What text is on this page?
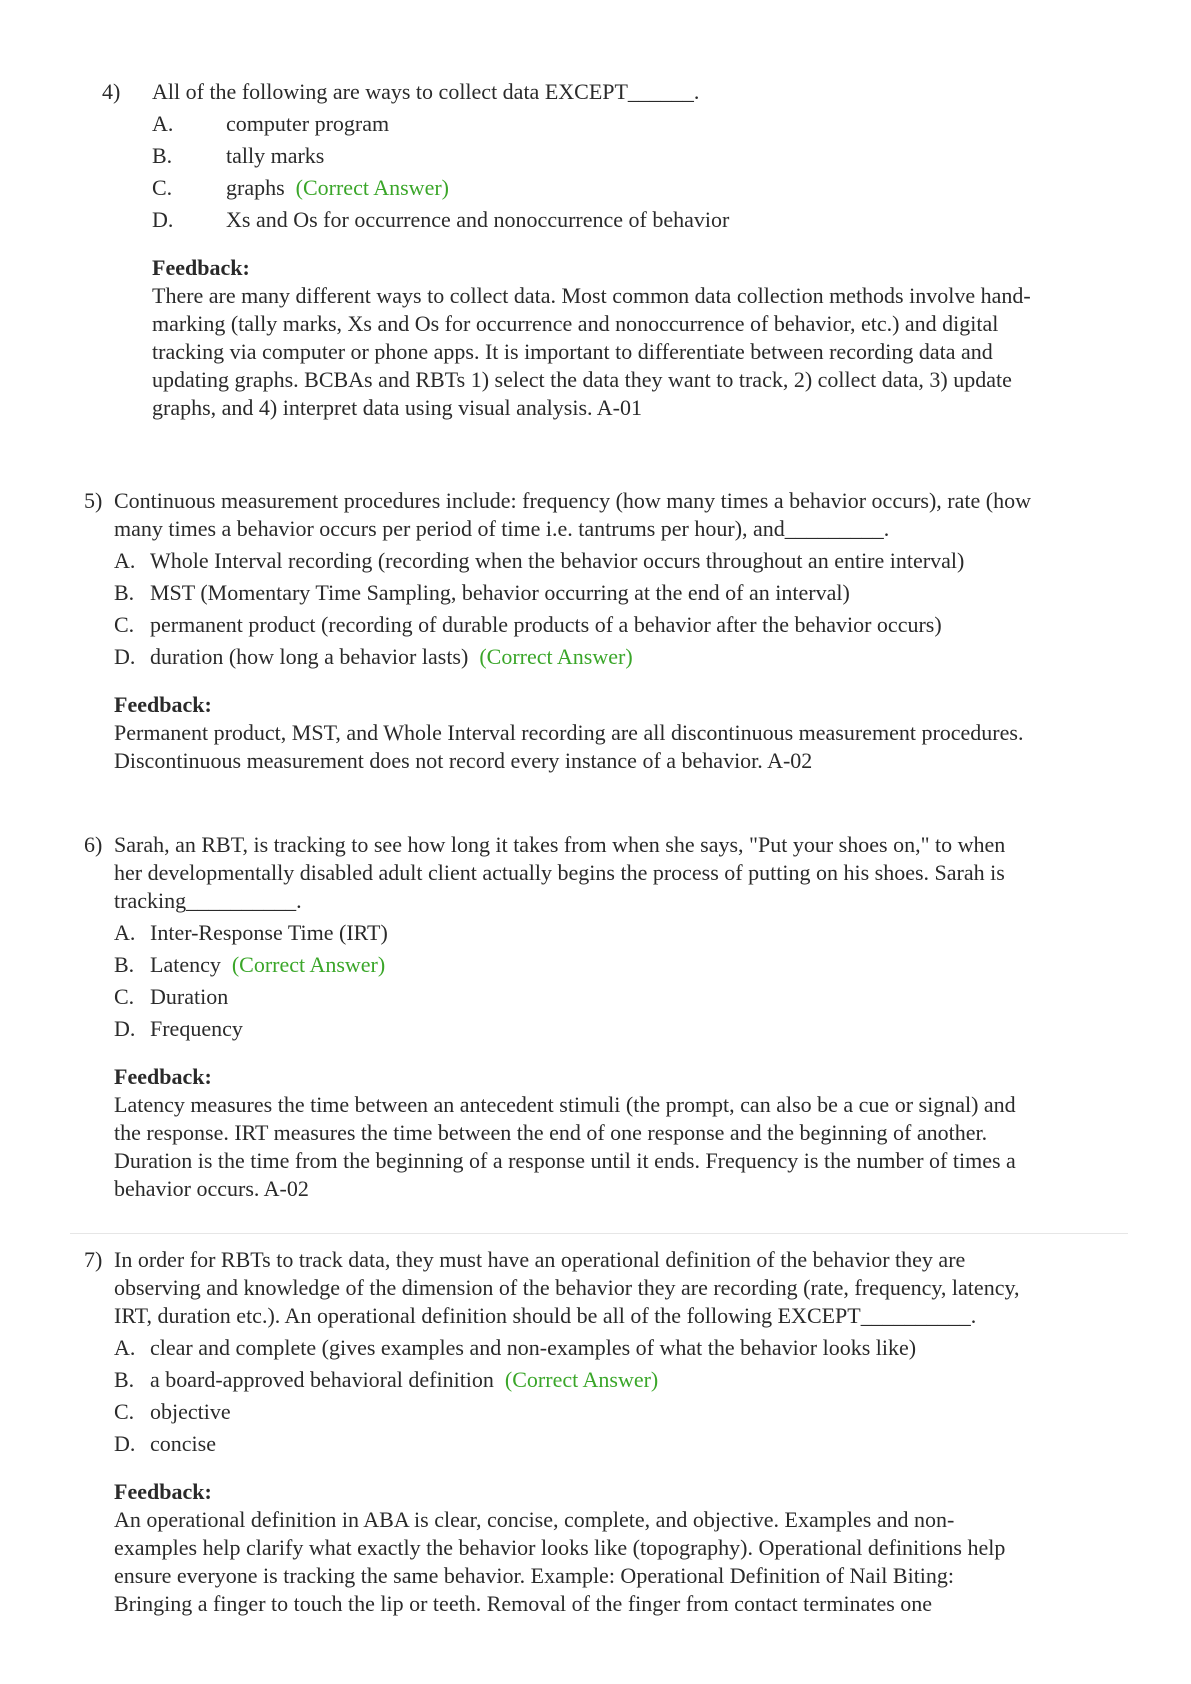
4) All of the following are ways to collect data EXCEPT______.
A. computer program
B. tally marks
C. graphs (Correct Answer)
D. Xs and Os for occurrence and nonoccurrence of behavior
Feedback:
There are many different ways to collect data. Most common data collection methods involve hand-
marking (tally marks, Xs and Os for occurrence and nonoccurrence of behavior, etc.) and digital
tracking via computer or phone apps. It is important to differentiate between recording data and
updating graphs. BCBAs and RBTs 1) select the data they want to track, 2) collect data, 3) update
graphs, and 4) interpret data using visual analysis. A-01
5) Continuous measurement procedures include: frequency (how many times a behavior occurs), rate (how
many times a behavior occurs per period of time i.e. tantrums per hour), and_________.
A. Whole Interval recording (recording when the behavior occurs throughout an entire interval)
B. MST (Momentary Time Sampling, behavior occurring at the end of an interval)
C. permanent product (recording of durable products of a behavior after the behavior occurs)
D. duration (how long a behavior lasts) (Correct Answer)
Feedback:
Permanent product, MST, and Whole Interval recording are all discontinuous measurement procedures.
Discontinuous measurement does not record every instance of a behavior. A-02
6) Sarah, an RBT, is tracking to see how long it takes from when she says, "Put your shoes on," to when
her developmentally disabled adult client actually begins the process of putting on his shoes. Sarah is
tracking__________.
A. Inter-Response Time (IRT)
B. Latency (Correct Answer)
C. Duration
D. Frequency
Feedback:
Latency measures the time between an antecedent stimuli (the prompt, can also be a cue or signal) and
the response. IRT measures the time between the end of one response and the beginning of another.
Duration is the time from the beginning of a response until it ends. Frequency is the number of times a
behavior occurs. A-02
7) In order for RBTs to track data, they must have an operational definition of the behavior they are
observing and knowledge of the dimension of the behavior they are recording (rate, frequency, latency,
IRT, duration etc.). An operational definition should be all of the following EXCEPT__________.
A. clear and complete (gives examples and non-examples of what the behavior looks like)
B. a board-approved behavioral definition (Correct Answer)
C. objective
D. concise
Feedback:
An operational definition in ABA is clear, concise, complete, and objective. Examples and non-
examples help clarify what exactly the behavior looks like (topography). Operational definitions help
ensure everyone is tracking the same behavior. Example: Operational Definition of Nail Biting:
Bringing a finger to touch the lip or teeth. Removal of the finger from contact terminates one
